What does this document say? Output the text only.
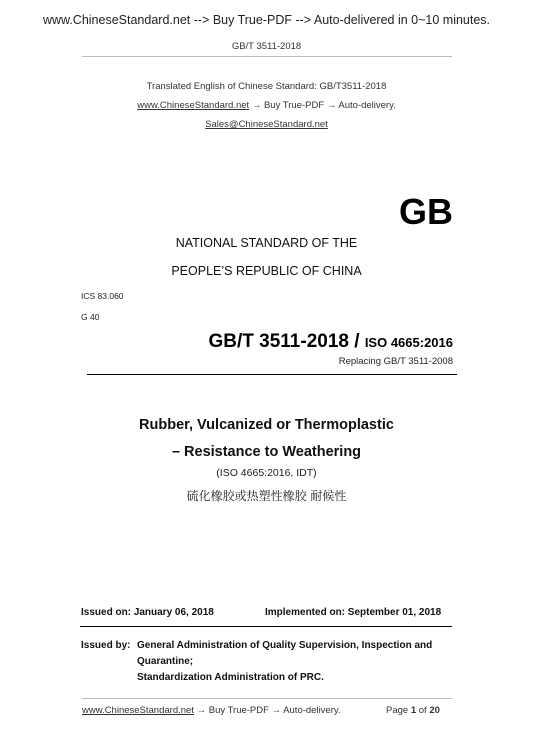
www.ChineseStandard.net --> Buy True-PDF --> Auto-delivered in 0~10 minutes.
GB/T 3511-2018
Translated English of Chinese Standard: GB/T3511-2018
www.ChineseStandard.net → Buy True-PDF → Auto-delivery.
Sales@ChineseStandard.net
GB
NATIONAL STANDARD OF THE
PEOPLE’S REPUBLIC OF CHINA
ICS 83.060
G 40
GB/T 3511-2018 / ISO 4665:2016
Replacing GB/T 3511-2008
Rubber, Vulcanized or Thermoplastic
– Resistance to Weathering
(ISO 4665:2016, IDT)
硫化橡胶或热塑性橡胶 耐候性
Issued on: January 06, 2018	Implemented on: September 01, 2018
Issued by: General Administration of Quality Supervision, Inspection and Quarantine;
Standardization Administration of PRC.
www.ChineseStandard.net → Buy True-PDF → Auto-delivery.	Page 1 of 20
